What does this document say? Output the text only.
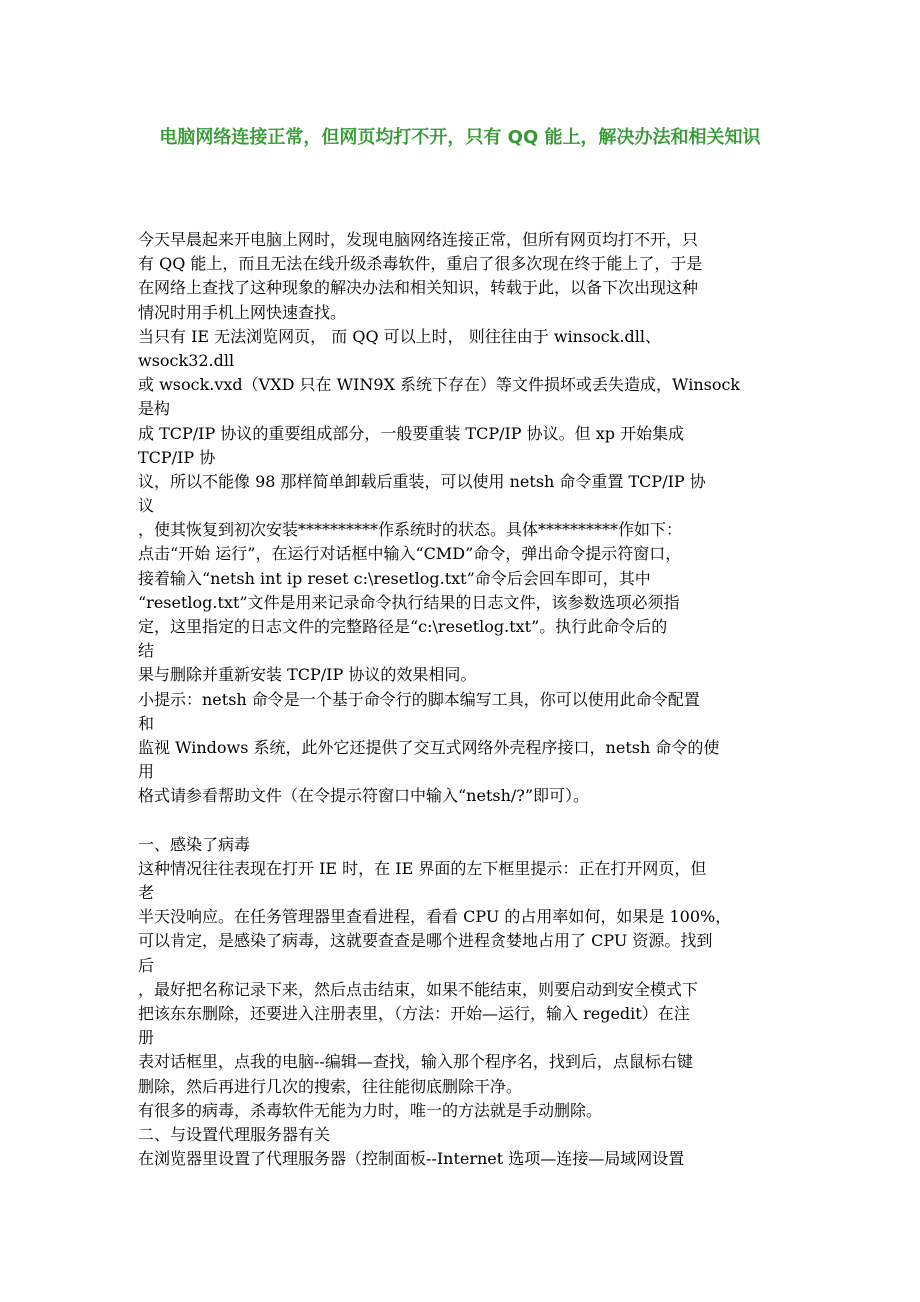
电脑网络连接正常，但网页均打不开，只有 QQ 能上，解决办法和相关知识
今天早晨起来开电脑上网时，发现电脑网络连接正常，但所有网页均打不开，只
有 QQ 能上，而且无法在线升级杀毒软件，重启了很多次现在终于能上了，于是
在网络上查找了这种现象的解决办法和相关知识，转载于此，以备下次出现这种
情况时用手机上网快速查找。
当只有 IE 无法浏览网页， 而 QQ 可以上时， 则往往由于 winsock.dll、
wsock32.dll
或 wsock.vxd（VXD 只在 WIN9X 系统下存在）等文件损坏或丢失造成，Winsock
是构
成 TCP/IP 协议的重要组成部分，一般要重装 TCP/IP 协议。但 xp 开始集成
TCP/IP 协
议，所以不能像 98 那样简单卸载后重装，可以使用 netsh 命令重置 TCP/IP 协
议
，使其恢复到初次安装**********作系统时的状态。具体**********作如下：
点击“开始 运行”，在运行对话框中输入“CMD”命令，弹出命令提示符窗口，
接着输入“netsh int ip reset c:\resetlog.txt”命令后会回车即可，其中
“resetlog.txt”文件是用来记录命令执行结果的日志文件，该参数选项必须指
定，这里指定的日志文件的完整路径是“c:\resetlog.txt”。执行此命令后的
结
果与删除并重新安装 TCP/IP 协议的效果相同。
小提示：netsh 命令是一个基于命令行的脚本编写工具，你可以使用此命令配置
和
监视 Windows 系统，此外它还提供了交互式网络外壳程序接口，netsh 命令的使
用
格式请参看帮助文件（在令提示符窗口中输入“netsh/?”即可）。
一、感染了病毒
这种情况往往表现在打开 IE 时，在 IE 界面的左下框里提示：正在打开网页，但
老
半天没响应。在任务管理器里查看进程，看看 CPU 的占用率如何，如果是 100%，
可以肯定，是感染了病毒，这就要查查是哪个进程贪婪地占用了 CPU 资源。找到
后
，最好把名称记录下来，然后点击结束，如果不能结束，则要启动到安全模式下
把该东东删除，还要进入注册表里，（方法：开始—运行，输入 regedit）在注
册
表对话框里，点我的电脑--编辑—查找，输入那个程序名，找到后，点鼠标右键
删除，然后再进行几次的搜索，往往能彻底删除干净。
有很多的病毒，杀毒软件无能为力时，唯一的方法就是手动删除。
二、与设置代理服务器有关
在浏览器里设置了代理服务器（控制面板--Internet 选项—连接—局域网设置
